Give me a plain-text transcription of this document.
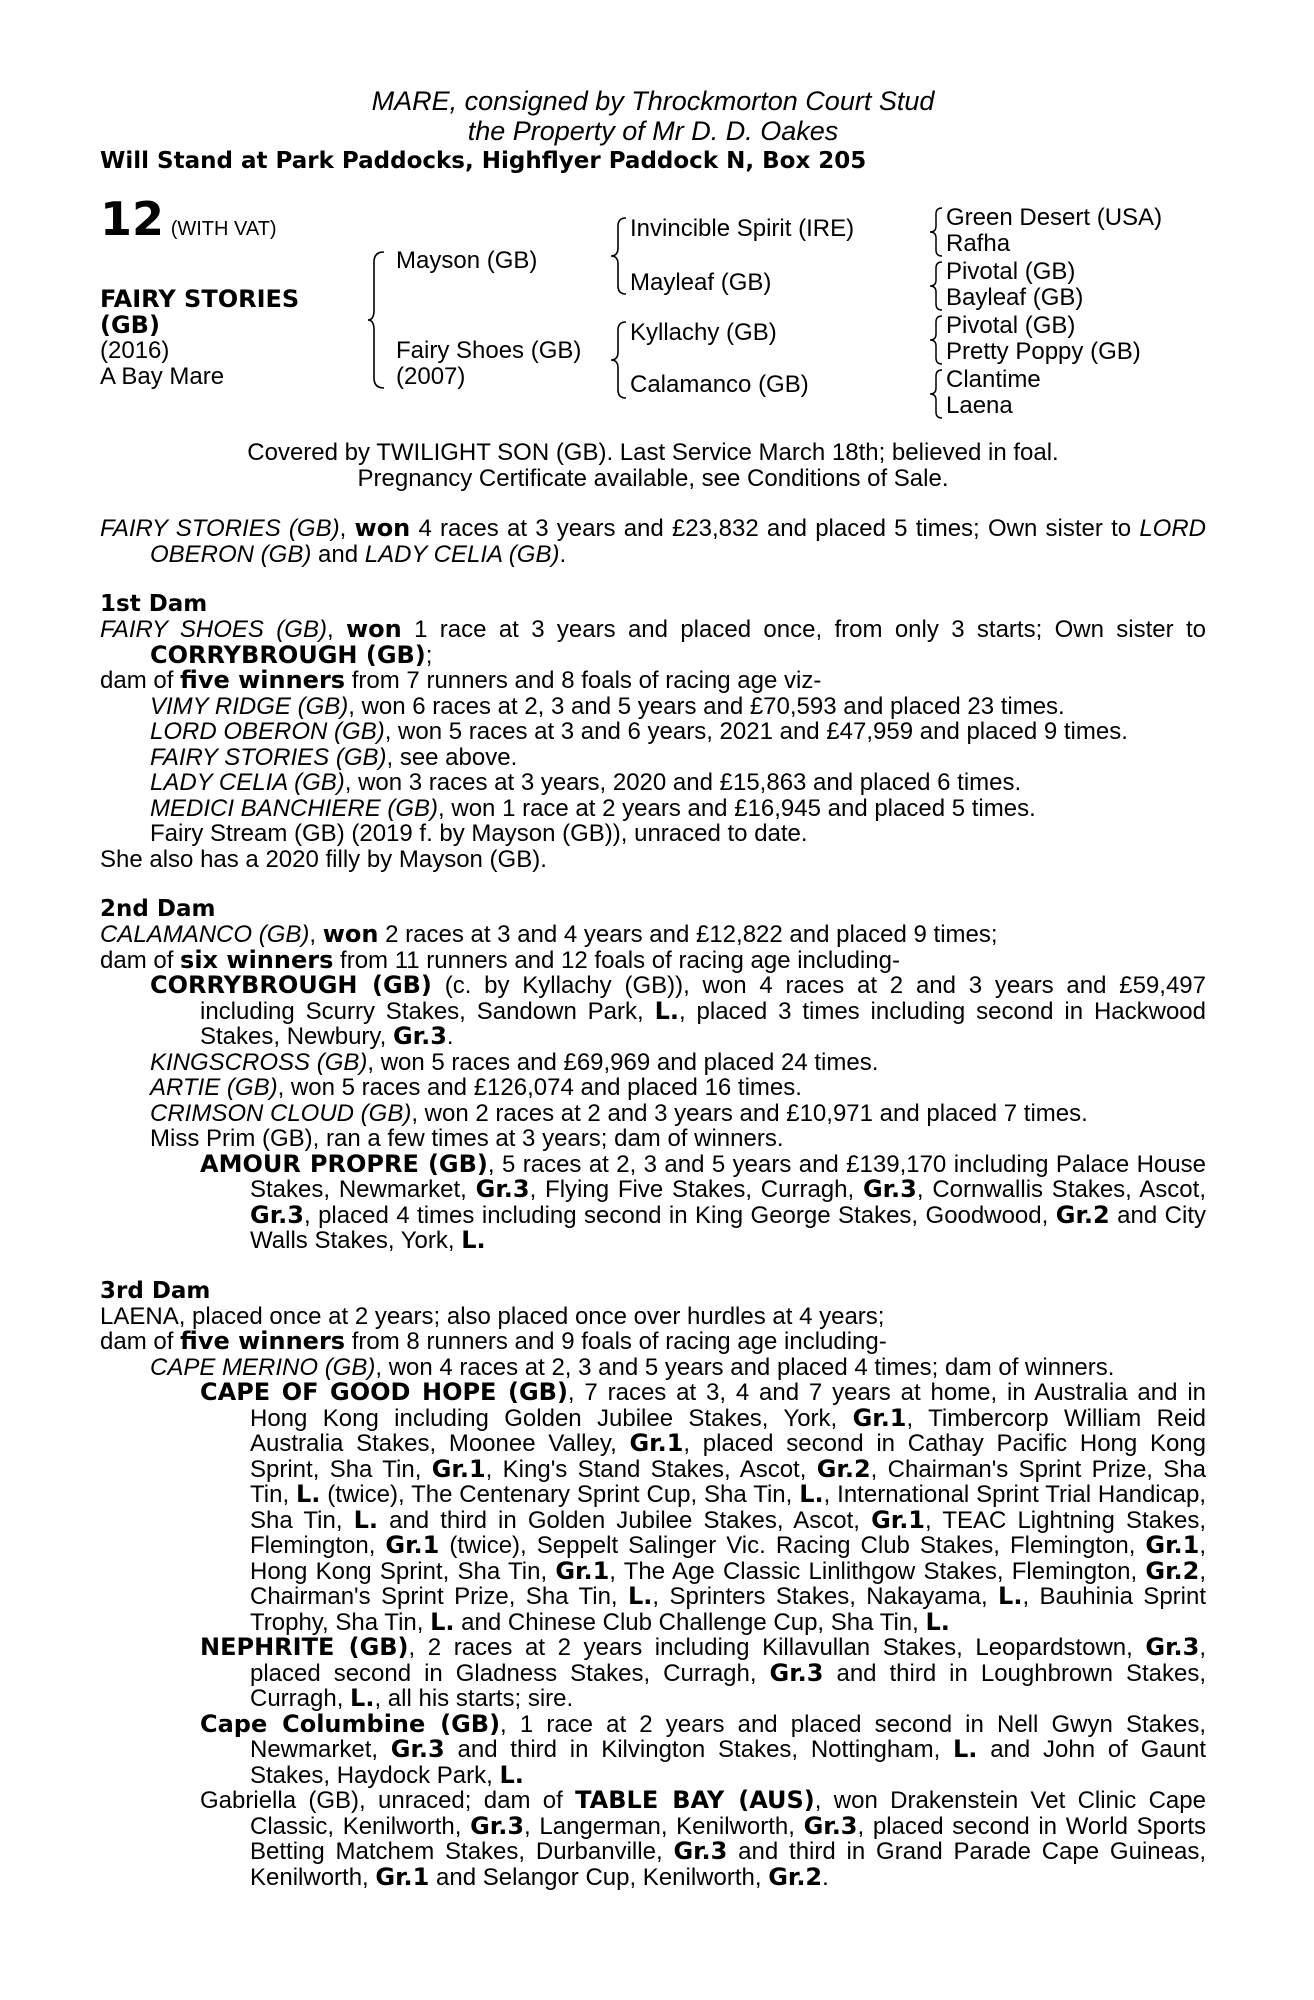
MARE, consigned by Throckmorton Court Stud
the Property of Mr D. D. Oakes
Will Stand at Park Paddocks, Highflyer Paddock N, Box 205
12 (WITH VAT)
FAIRY STORIES
(GB)
(2016)
A Bay Mare
Mayson (GB)
Fairy Shoes (GB)
(2007)
Invincible Spirit (IRE)
Mayleaf (GB)
Kyllachy (GB)
Calamanco (GB)
Green Desert (USA)
Rafha
Pivotal (GB)
Bayleaf (GB)
Pivotal (GB)
Pretty Poppy (GB)
Clantime
Laena
Covered by TWILIGHT SON (GB). Last Service March 18th; believed in foal.
Pregnancy Certificate available, see Conditions of Sale.
FAIRY STORIES (GB), won 4 races at 3 years and £23,832 and placed 5 times; Own sister to LORD OBERON (GB) and LADY CELIA (GB).
1st Dam
FAIRY SHOES (GB), won 1 race at 3 years and placed once, from only 3 starts; Own sister to CORRYBROUGH (GB);
dam of five winners from 7 runners and 8 foals of racing age viz-
VIMY RIDGE (GB), won 6 races at 2, 3 and 5 years and £70,593 and placed 23 times.
LORD OBERON (GB), won 5 races at 3 and 6 years, 2021 and £47,959 and placed 9 times.
FAIRY STORIES (GB), see above.
LADY CELIA (GB), won 3 races at 3 years, 2020 and £15,863 and placed 6 times.
MEDICI BANCHIERE (GB), won 1 race at 2 years and £16,945 and placed 5 times.
Fairy Stream (GB) (2019 f. by Mayson (GB)), unraced to date.
She also has a 2020 filly by Mayson (GB).
2nd Dam
CALAMANCO (GB), won 2 races at 3 and 4 years and £12,822 and placed 9 times;
dam of six winners from 11 runners and 12 foals of racing age including-
CORRYBROUGH (GB) (c. by Kyllachy (GB)), won 4 races at 2 and 3 years and £59,497 including Scurry Stakes, Sandown Park, L., placed 3 times including second in Hackwood Stakes, Newbury, Gr.3.
KINGSCROSS (GB), won 5 races and £69,969 and placed 24 times.
ARTIE (GB), won 5 races and £126,074 and placed 16 times.
CRIMSON CLOUD (GB), won 2 races at 2 and 3 years and £10,971 and placed 7 times.
Miss Prim (GB), ran a few times at 3 years; dam of winners.
AMOUR PROPRE (GB), 5 races at 2, 3 and 5 years and £139,170 including Palace House Stakes, Newmarket, Gr.3, Flying Five Stakes, Curragh, Gr.3, Cornwallis Stakes, Ascot, Gr.3, placed 4 times including second in King George Stakes, Goodwood, Gr.2 and City Walls Stakes, York, L.
3rd Dam
LAENA, placed once at 2 years; also placed once over hurdles at 4 years;
dam of five winners from 8 runners and 9 foals of racing age including-
CAPE MERINO (GB), won 4 races at 2, 3 and 5 years and placed 4 times; dam of winners.
CAPE OF GOOD HOPE (GB), 7 races at 3, 4 and 7 years at home, in Australia and in Hong Kong including Golden Jubilee Stakes, York, Gr.1, Timbercorp William Reid Australia Stakes, Moonee Valley, Gr.1, placed second in Cathay Pacific Hong Kong Sprint, Sha Tin, Gr.1, King's Stand Stakes, Ascot, Gr.2, Chairman's Sprint Prize, Sha Tin, L. (twice), The Centenary Sprint Cup, Sha Tin, L., International Sprint Trial Handicap, Sha Tin, L. and third in Golden Jubilee Stakes, Ascot, Gr.1, TEAC Lightning Stakes, Flemington, Gr.1 (twice), Seppelt Salinger Vic. Racing Club Stakes, Flemington, Gr.1, Hong Kong Sprint, Sha Tin, Gr.1, The Age Classic Linlithgow Stakes, Flemington, Gr.2, Chairman's Sprint Prize, Sha Tin, L., Sprinters Stakes, Nakayama, L., Bauhinia Sprint Trophy, Sha Tin, L. and Chinese Club Challenge Cup, Sha Tin, L.
NEPHRITE (GB), 2 races at 2 years including Killavullan Stakes, Leopardstown, Gr.3, placed second in Gladness Stakes, Curragh, Gr.3 and third in Loughbrown Stakes, Curragh, L., all his starts; sire.
Cape Columbine (GB), 1 race at 2 years and placed second in Nell Gwyn Stakes, Newmarket, Gr.3 and third in Kilvington Stakes, Nottingham, L. and John of Gaunt Stakes, Haydock Park, L.
Gabriella (GB), unraced; dam of TABLE BAY (AUS), won Drakenstein Vet Clinic Cape Classic, Kenilworth, Gr.3, Langerman, Kenilworth, Gr.3, placed second in World Sports Betting Matchem Stakes, Durbanville, Gr.3 and third in Grand Parade Cape Guineas, Kenilworth, Gr.1 and Selangor Cup, Kenilworth, Gr.2.
